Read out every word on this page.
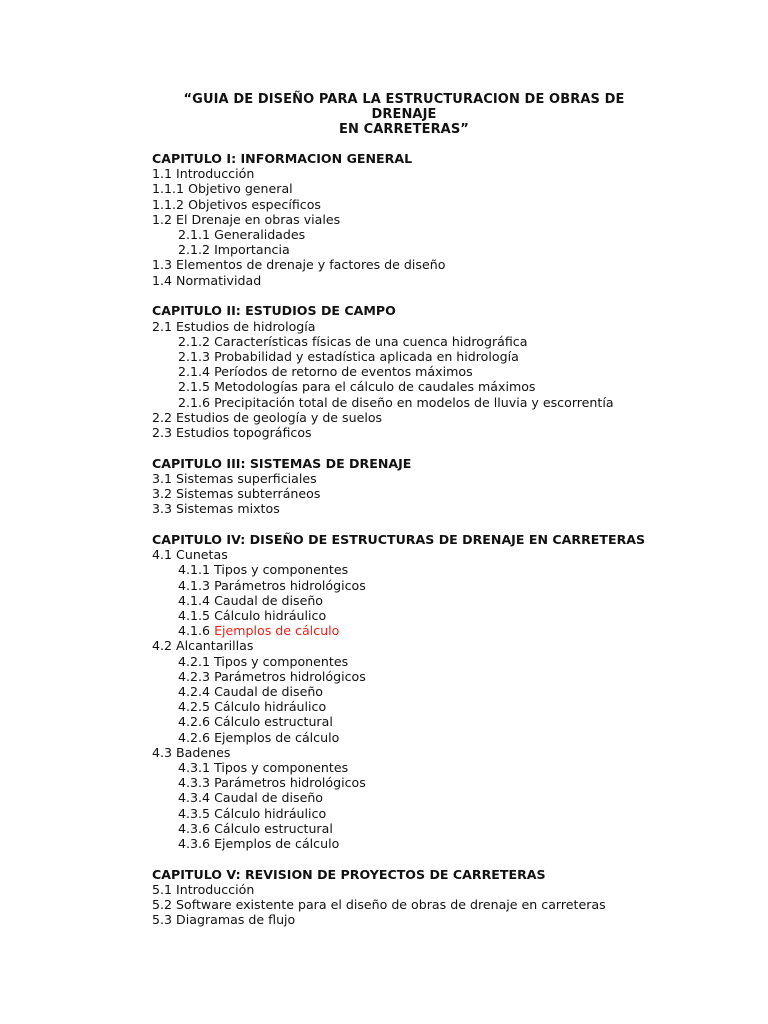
“GUIA DE DISEÑO PARA LA ESTRUCTURACION DE OBRAS DE DRENAJE
EN CARRETERAS”
CAPITULO I: INFORMACION GENERAL
1.1 Introducción
1.1.1 Objetivo general
1.1.2 Objetivos específicos
1.2 El Drenaje en obras viales
2.1.1 Generalidades
2.1.2 Importancia
1.3 Elementos de drenaje y factores de diseño
1.4 Normatividad
CAPITULO II: ESTUDIOS DE CAMPO
2.1 Estudios de hidrología
2.1.2 Características físicas de una cuenca hidrográfica
2.1.3 Probabilidad y estadística aplicada en hidrología
2.1.4 Períodos de retorno de eventos máximos
2.1.5 Metodologías para el cálculo de caudales máximos
2.1.6 Precipitación total de diseño en modelos de lluvia y escorrentía
2.2 Estudios de geología y de suelos
2.3 Estudios topográficos
CAPITULO III: SISTEMAS DE DRENAJE
3.1 Sistemas superficiales
3.2 Sistemas subterráneos
3.3 Sistemas mixtos
CAPITULO IV: DISEÑO DE ESTRUCTURAS DE DRENAJE EN CARRETERAS
4.1 Cunetas
4.1.1 Tipos y componentes
4.1.3 Parámetros hidrológicos
4.1.4 Caudal de diseño
4.1.5 Cálculo hidráulico
4.1.6 Ejemplos de cálculo
4.2 Alcantarillas
4.2.1 Tipos y componentes
4.2.3 Parámetros hidrológicos
4.2.4 Caudal de diseño
4.2.5 Cálculo hidráulico
4.2.6 Cálculo estructural
4.2.6 Ejemplos de cálculo
4.3 Badenes
4.3.1 Tipos y componentes
4.3.3 Parámetros hidrológicos
4.3.4 Caudal de diseño
4.3.5 Cálculo hidráulico
4.3.6 Cálculo estructural
4.3.6 Ejemplos de cálculo
CAPITULO V: REVISION DE PROYECTOS DE CARRETERAS
5.1 Introducción
5.2 Software existente para el diseño de obras de drenaje en carreteras
5.3 Diagramas de flujo
